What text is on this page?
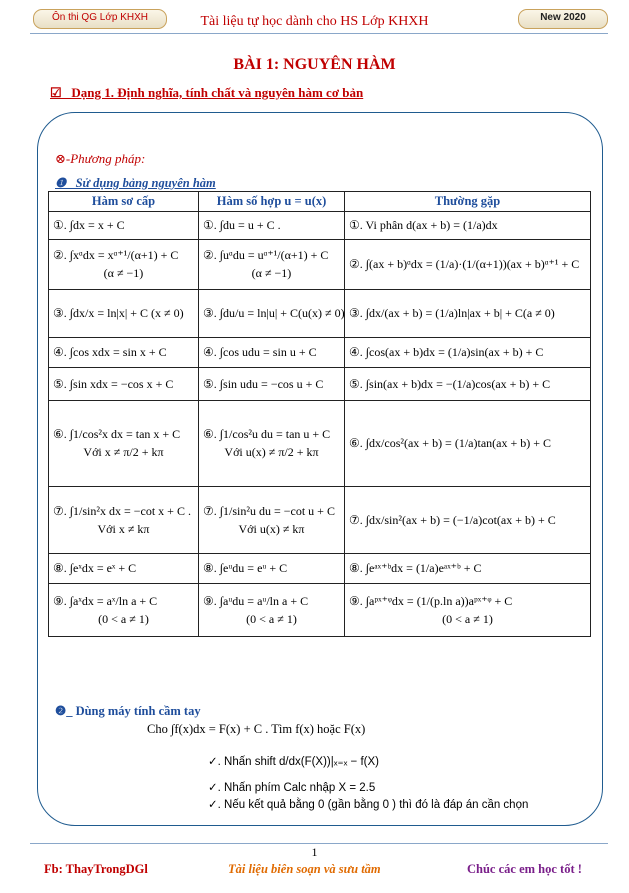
Ôn thi QG Lớp KHXH	Tài liệu tự học dành cho HS Lớp KHXH	New 2020
BÀI 1: NGUYÊN HÀM
☑_ Dạng 1. Định nghĩa, tính chất và nguyên hàm cơ bản
⊗-Phương pháp:
❶_ Sử dụng bảng nguyên hàm
Hàm sơ cấp	Hàm số hợp u = u(x)	Thường gặp

①. ∫dx = x + C	①. ∫du = u + C .	①. Vi phân d(ax + b) = (1/a)dx

②. ∫xᵅdx = xᵅ⁺¹/(α+1) + C
(α ≠ −1)	②. ∫uᵅdu = uᵅ⁺¹/(α+1) + C
(α ≠ −1)	②. ∫(ax + b)ᵅdx = (1/a)·(1/(α+1))(ax + b)ᵅ⁺¹ + C

③. ∫dx/x = ln|x| + C (x ≠ 0)	③. ∫du/u = ln|u| + C(u(x) ≠ 0)	③. ∫dx/(ax + b) = (1/a)ln|ax + b| + C(a ≠ 0)

④. ∫cos xdx = sin x + C	④. ∫cos udu = sin u + C	④. ∫cos(ax + b)dx = (1/a)sin(ax + b) + C

⑤. ∫sin xdx = −cos x + C	⑤. ∫sin udu = −cos u + C	⑤. ∫sin(ax + b)dx = −(1/a)cos(ax + b) + C

⑥. ∫1/cos²x dx = tan x + C
Với x ≠ π/2 + kπ	⑥. ∫1/cos²u du = tan u + C
Với u(x) ≠ π/2 + kπ	⑥. ∫dx/cos²(ax + b) = (1/a)tan(ax + b) + C

⑦. ∫1/sin²x dx = −cot x + C .
Với x ≠ kπ	⑦. ∫1/sin²u du = −cot u + C
Với u(x) ≠ kπ	⑦. ∫dx/sin²(ax + b) = (−1/a)cot(ax + b) + C

⑧. ∫eˣdx = eˣ + C	⑧. ∫eᵘdu = eᵘ + C	⑧. ∫eᵃˣ⁺ᵇdx = (1/a)eᵃˣ⁺ᵇ + C

⑨. ∫aˣdx = aˣ/ln a + C
(0 < a ≠ 1)	⑨. ∫aᵘdu = aᵘ/ln a + C
(0 < a ≠ 1)	⑨. ∫aᵖˣ⁺ᵠdx = (1/(p.ln a))aᵖˣ⁺ᵠ + C
(0 < a ≠ 1)
❷_ Dùng máy tính cầm tay
Cho ∫f(x)dx = F(x) + C . Tìm f(x) hoặc F(x)
✓. Nhấn shift d/dx(F(X))|ₓ₌ₓ − f(X)
✓. Nhấn phím Calc nhập X = 2.5
✓. Nếu kết quả bằng 0 (gần bằng 0 ) thì đó là đáp án cần chọn
1
Fb: ThayTrongDGl	Tài liệu biên soạn và sưu tầm	Chúc các em học tốt !
